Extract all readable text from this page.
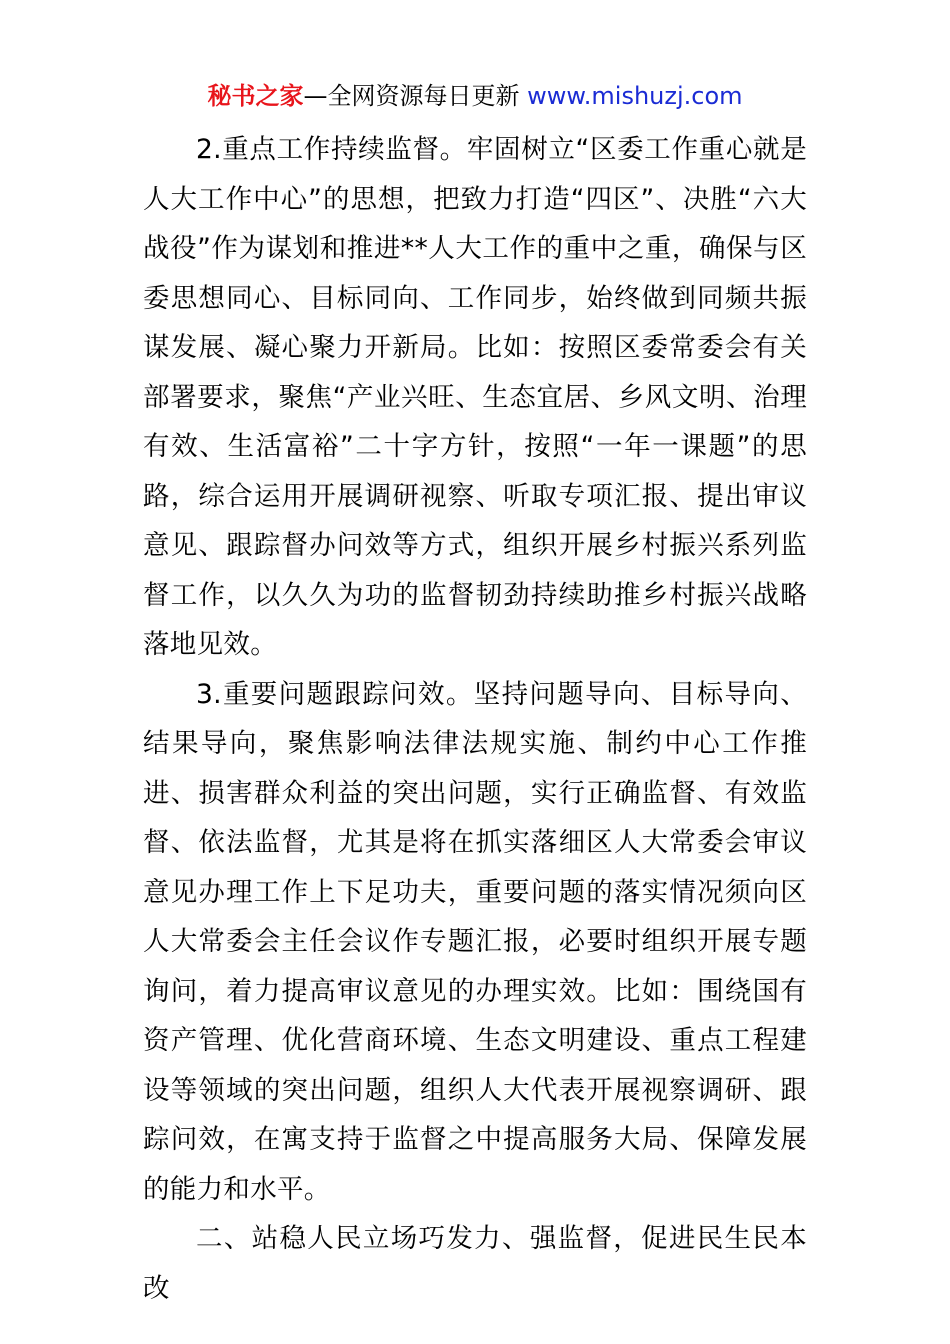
秘书之家—全网资源每日更新 www.mishuzj.com

2.重点工作持续监督。牢固树立“区委工作重心就是人大工作中心”的思想，把致力打造“四区”、决胜“六大战役”作为谋划和推进**人大工作的重中之重，确保与区委思想同心、目标同向、工作同步，始终做到同频共振谋发展、凝心聚力开新局。比如：按照区委常委会有关部署要求，聚焦“产业兴旺、生态宜居、乡风文明、治理有效、生活富裕”二十字方针，按照“一年一课题”的思路，综合运用开展调研视察、听取专项汇报、提出审议意见、跟踪督办问效等方式，组织开展乡村振兴系列监督工作，以久久为功的监督韧劲持续助推乡村振兴战略落地见效。

3.重要问题跟踪问效。坚持问题导向、目标导向、结果导向，聚焦影响法律法规实施、制约中心工作推进、损害群众利益的突出问题，实行正确监督、有效监督、依法监督，尤其是将在抓实落细区人大常委会审议意见办理工作上下足功夫，重要问题的落实情况须向区人大常委会主任会议作专题汇报，必要时组织开展专题询问，着力提高审议意见的办理实效。比如：围绕国有资产管理、优化营商环境、生态文明建设、重点工程建设等领域的突出问题，组织人大代表开展视察调研、跟踪问效，在寓支持于监督之中提高服务大局、保障发展的能力和水平。

二、站稳人民立场巧发力、强监督，促进民生民本改
